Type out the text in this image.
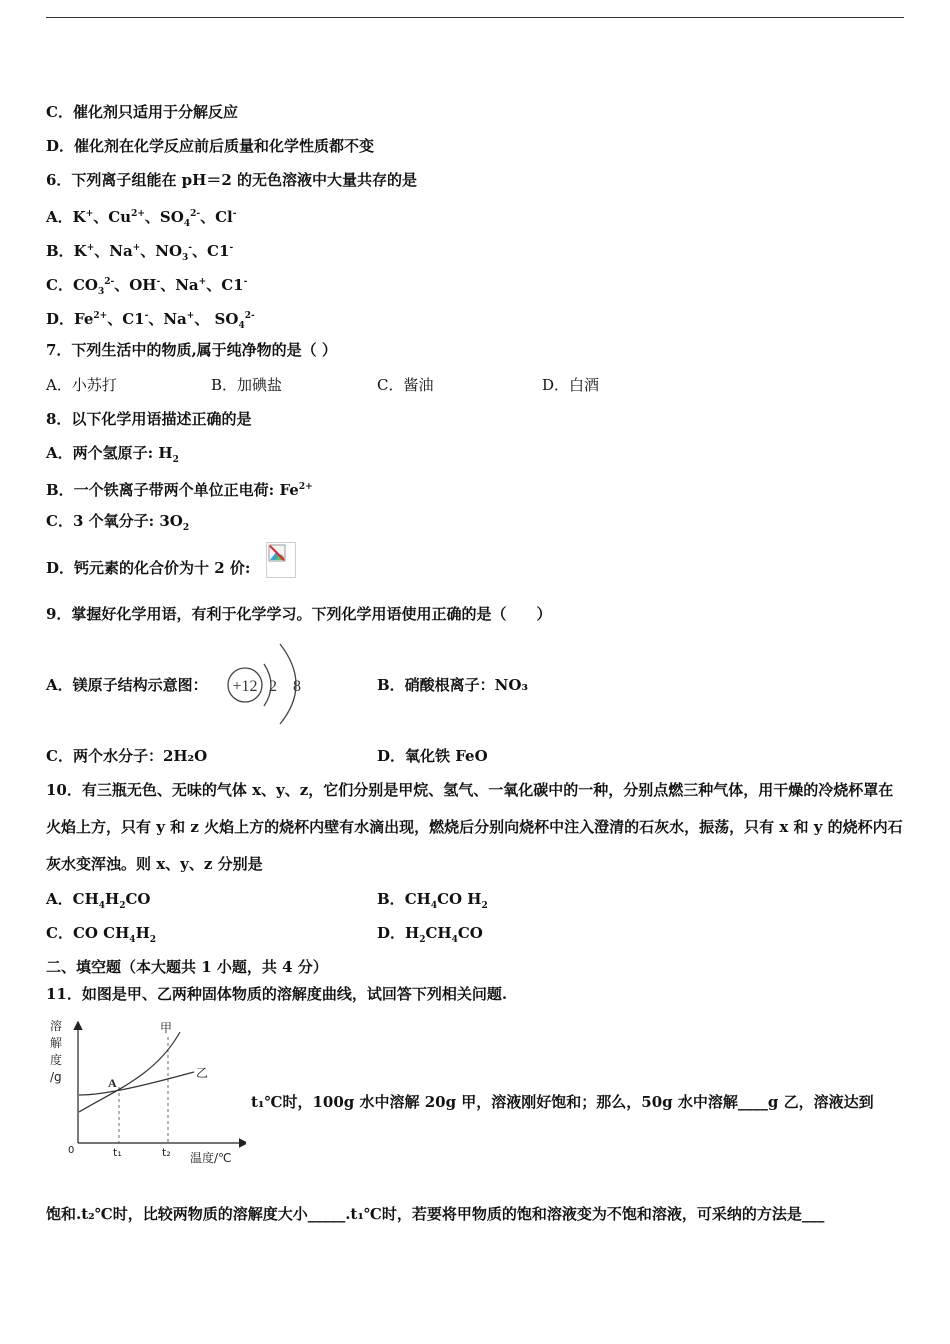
C．催化剂只适用于分解反应
D．催化剂在化学反应前后质量和化学性质都不变
6．下列离子组能在 pH＝2 的无色溶液中大量共存的是
A．K+、$Cu^{2+}$、$SO_4^{2-}$、Cl-
B．K+、Na+、$NO_3^-$、C1-
C．$CO_3^{2-}$、OH-、Na+、C1-
D．$Fe^{2+}$、C1-、Na+、 $SO_4^{2-}$
7．下列生活中的物质,属于纯净物的是（ ）
A．小苏打	B．加碘盐	C．酱油	D．白酒
8．以下化学用语描述正确的是
A．两个氢原子: $H_2$
B．一个铁离子带两个单位正电荷: $Fe^{2+}$
C．3 个氧分子: $3O_2$
D．钙元素的化合价为十 2 价:
9．掌握好化学用语，有利于化学学习。下列化学用语使用正确的是（　　）
A．镁原子结构示意图： +12 2 8	B．硝酸根离子：NO₃
C．两个水分子：2H₂O	D．氧化铁 FeO
10．有三瓶无色、无味的气体 x、y、z，它们分别是甲烷、氢气、一氧化碳中的一种，分别点燃三种气体，用干燥的冷烧杯罩在火焰上方，只有 y 和 z 火焰上方的烧杯内壁有水滴出现，燃烧后分别向烧杯中注入澄清的石灰水，振荡，只有 x 和 y 的烧杯内石灰水变浑浊。则 x、y、z 分别是
A．$CH_4H_2CO$	B．$CH_4CO$ $H_2$
C．CO $CH_4H_2$	D．$H_2CH_4CO$
二、填空题（本大题共 1 小题，共 4 分）
11．如图是甲、乙两种固体物质的溶解度曲线，试回答下列相关问题.
溶
解
度
/g
0	t₁	t₂ 温度/℃
A
甲
乙
t₁℃时，100g 水中溶解 20g 甲，溶液刚好饱和；那么，50g 水中溶解____g 乙，溶液达到
饱和.t₂℃时，比较两物质的溶解度大小_____.t₁℃时，若要将甲物质的饱和溶液变为不饱和溶液，可采纳的方法是___
